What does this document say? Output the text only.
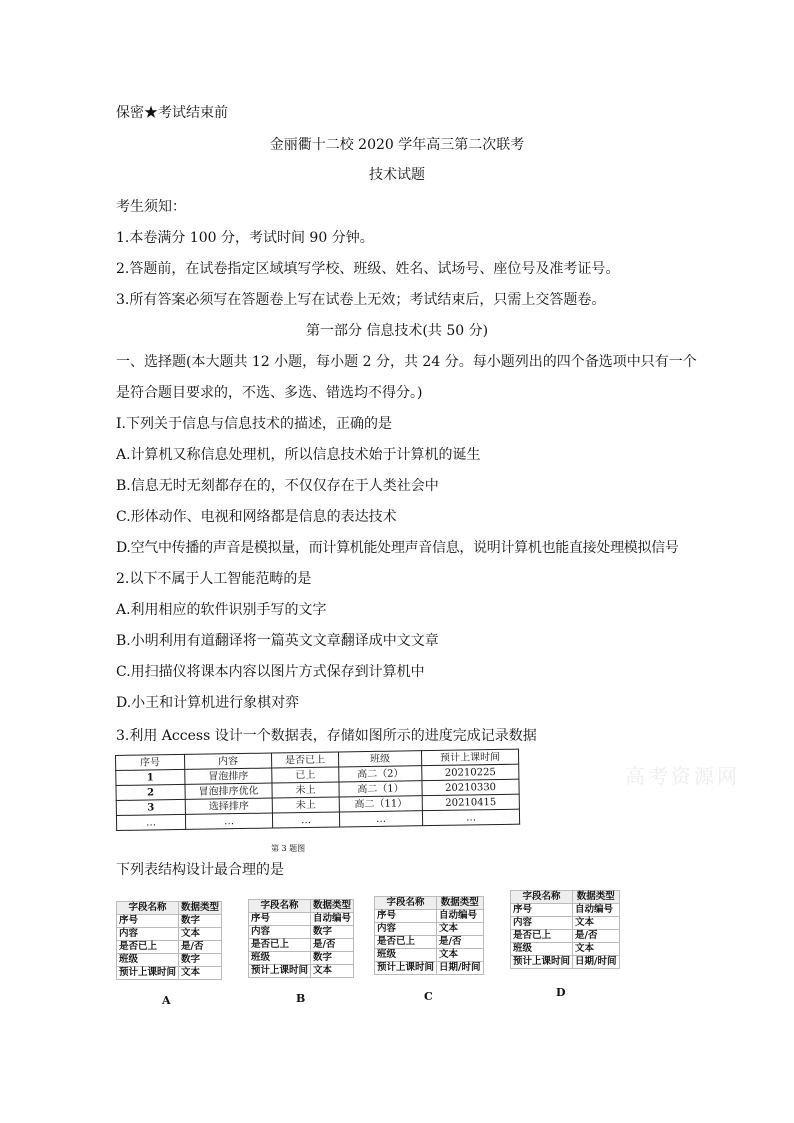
保密★考试结束前
金丽衢十二校 2020 学年高三第二次联考
技术试题
考生须知：
1.本卷满分 100 分，考试时间 90 分钟。
2.答题前，在试卷指定区域填写学校、班级、姓名、试场号、座位号及准考证号。
3.所有答案必须写在答题卷上写在试卷上无效；考试结束后，只需上交答题卷。
第一部分 信息技术(共 50 分)
一、选择题(本大题共 12 小题，每小题 2 分，共 24 分。每小题列出的四个备选项中只有一个
是符合题目要求的，不选、多选、错选均不得分。)
I.下列关于信息与信息技术的描述，正确的是
A.计算机又称信息处理机，所以信息技术始于计算机的诞生
B.信息无时无刻都存在的，不仅仅存在于人类社会中
C.形体动作、电视和网络都是信息的表达技术
D.空气中传播的声音是模拟量，而计算机能处理声音信息，说明计算机也能直接处理模拟信号
2.以下不属于人工智能范畴的是
A.利用相应的软件识别手写的文字
B.小明利用有道翻译将一篇英文文章翻译成中文文章
C.用扫描仪将课本内容以图片方式保存到计算机中
D.小王和计算机进行象棋对弈
3.利用 Access 设计一个数据表，存储如图所示的进度完成记录数据
序号	内容	是否已上	班级	预计上课时间
1	冒泡排序	已上	高二（2）	20210225
2	冒泡排序优化	未上	高二（1）	20210330
3	选择排序	未上	高二（11）	20210415
…	…	…	…	…
第 3 题图
高考资源网
下列表结构设计最合理的是
字段名称	数据类型
序号	数字
内容	文本
是否已上	是/否
班级	数字
预计上课时间	文本
A
字段名称	数据类型
序号	自动编号
内容	数字
是否已上	是/否
班级	数字
预计上课时间	文本
B
字段名称	数据类型
序号	自动编号
内容	文本
是否已上	是/否
班级	文本
预计上课时间	日期/时间
C
字段名称	数据类型
序号	自动编号
内容	文本
是否已上	是/否
班级	文本
预计上课时间	日期/时间
D
